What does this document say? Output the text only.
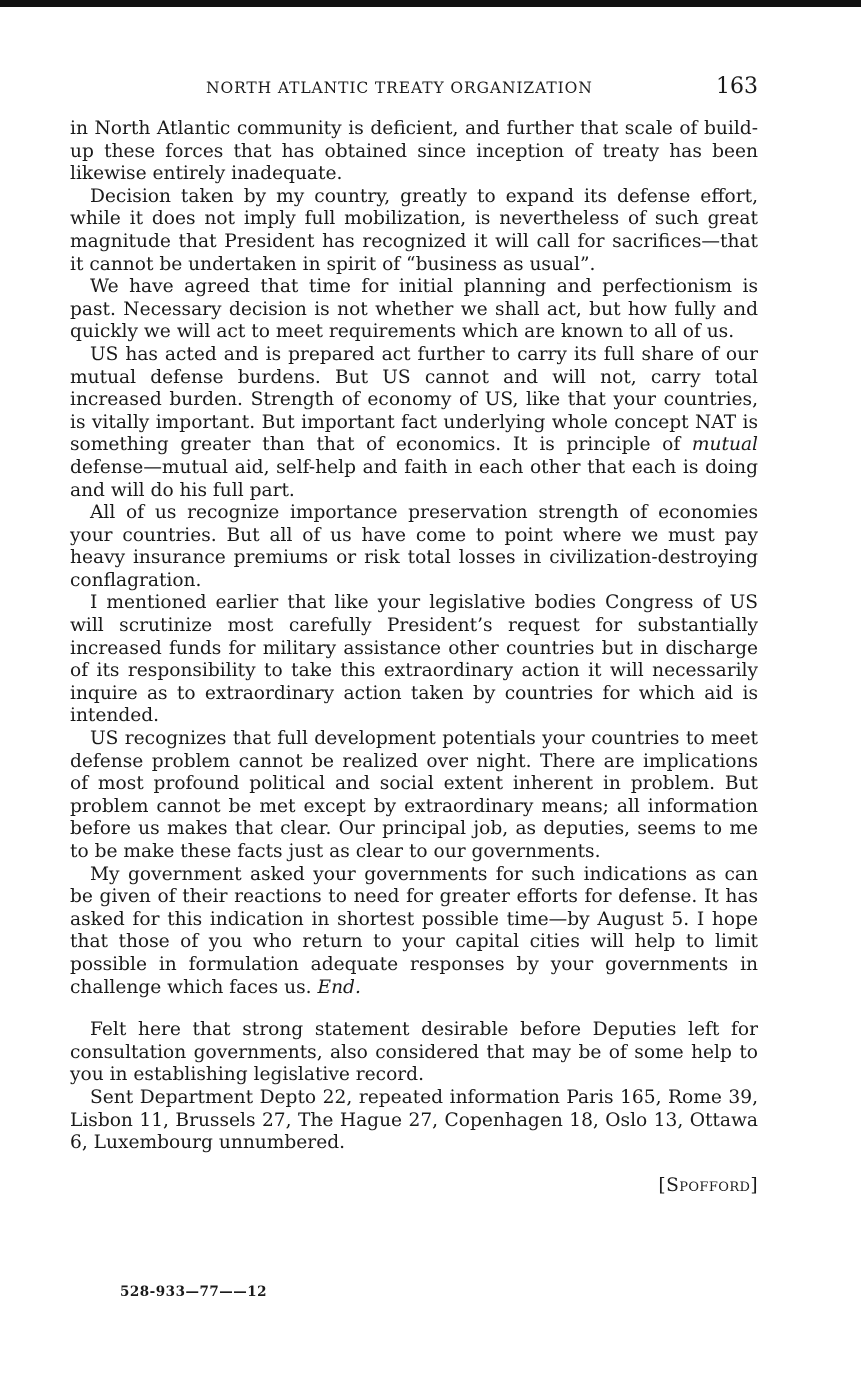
NORTH ATLANTIC TREATY ORGANIZATION	163

in North Atlantic community is deficient, and further that scale of build-up these forces that has obtained since inception of treaty has been likewise entirely inadequate.

Decision taken by my country, greatly to expand its defense effort, while it does not imply full mobilization, is nevertheless of such great magnitude that President has recognized it will call for sacrifices—that it cannot be undertaken in spirit of “business as usual”.

We have agreed that time for initial planning and perfectionism is past. Necessary decision is not whether we shall act, but how fully and quickly we will act to meet requirements which are known to all of us.

US has acted and is prepared act further to carry its full share of our mutual defense burdens. But US cannot and will not, carry total increased burden. Strength of economy of US, like that your countries, is vitally important. But important fact underlying whole concept NAT is something greater than that of economics. It is principle of mutual defense—mutual aid, self-help and faith in each other that each is doing and will do his full part.

All of us recognize importance preservation strength of economies your countries. But all of us have come to point where we must pay heavy insurance premiums or risk total losses in civilization-destroying conflagration.

I mentioned earlier that like your legislative bodies Congress of US will scrutinize most carefully President’s request for substantially increased funds for military assistance other countries but in discharge of its responsibility to take this extraordinary action it will necessarily inquire as to extraordinary action taken by countries for which aid is intended.

US recognizes that full development potentials your countries to meet defense problem cannot be realized over night. There are implications of most profound political and social extent inherent in problem. But problem cannot be met except by extraordinary means; all information before us makes that clear. Our principal job, as deputies, seems to me to be make these facts just as clear to our governments.

My government asked your governments for such indications as can be given of their reactions to need for greater efforts for defense. It has asked for this indication in shortest possible time—by August 5. I hope that those of you who return to your capital cities will help to limit possible in formulation adequate responses by your governments in challenge which faces us. End.

Felt here that strong statement desirable before Deputies left for consultation governments, also considered that may be of some help to you in establishing legislative record.

Sent Department Depto 22, repeated information Paris 165, Rome 39, Lisbon 11, Brussels 27, The Hague 27, Copenhagen 18, Oslo 13, Ottawa 6, Luxembourg unnumbered.

[Spofford]
528-933—77——12
